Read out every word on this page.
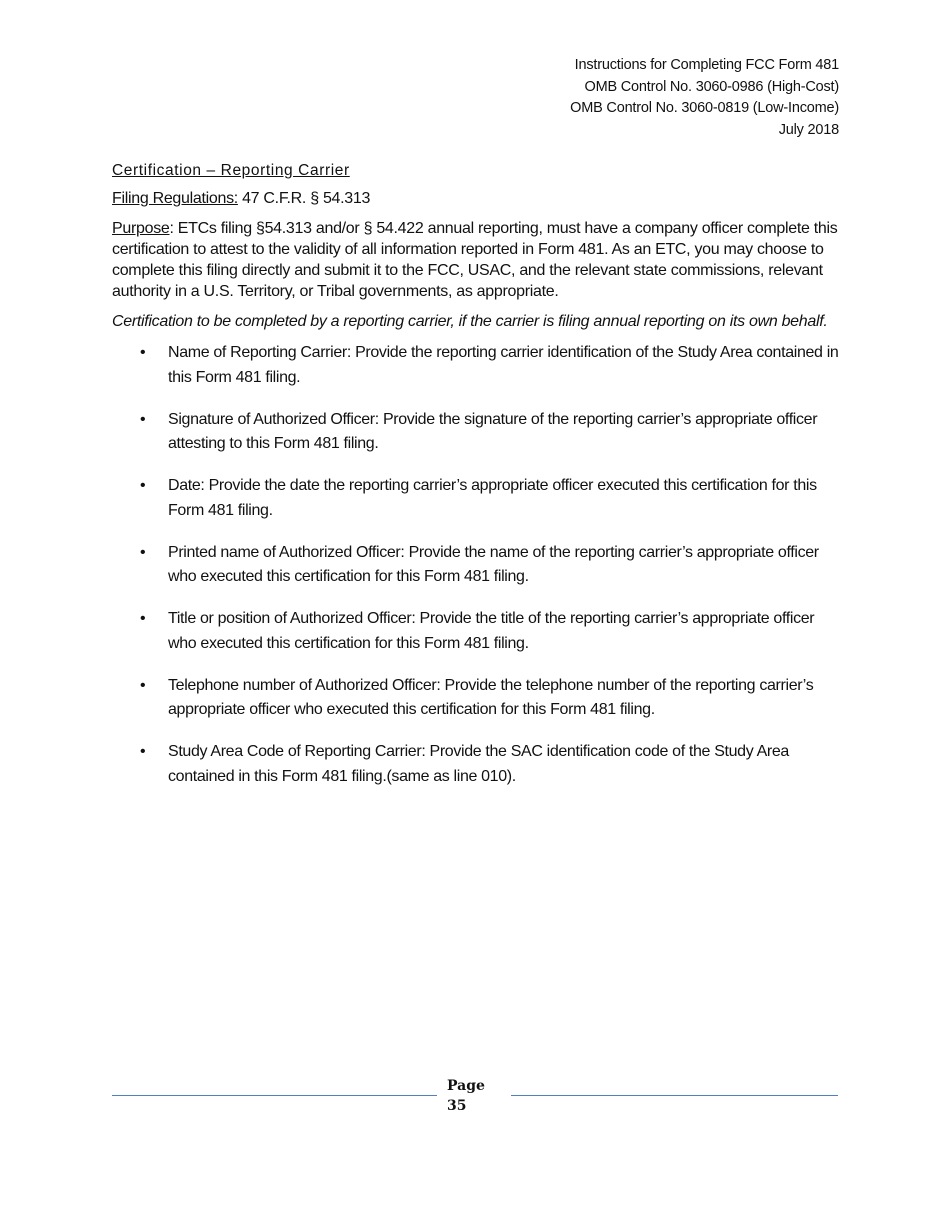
Instructions for Completing FCC Form 481
OMB Control No. 3060-0986 (High-Cost)
OMB Control No. 3060-0819 (Low-Income)
July 2018
Certification – Reporting Carrier

Filing Regulations: 47 C.F.R. § 54.313

Purpose: ETCs filing §54.313 and/or § 54.422 annual reporting, must have a company officer complete this certification to attest to the validity of all information reported in Form 481. As an ETC, you may choose to complete this filing directly and submit it to the FCC, USAC, and the relevant state commissions, relevant authority in a U.S. Territory, or Tribal governments, as appropriate.

Certification to be completed by a reporting carrier, if the carrier is filing annual reporting on its own behalf.

• Name of Reporting Carrier: Provide the reporting carrier identification of the Study Area contained in this Form 481 filing.
• Signature of Authorized Officer: Provide the signature of the reporting carrier’s appropriate officer attesting to this Form 481 filing.
• Date: Provide the date the reporting carrier’s appropriate officer executed this certification for this Form 481 filing.
• Printed name of Authorized Officer: Provide the name of the reporting carrier’s appropriate officer who executed this certification for this Form 481 filing.
• Title or position of Authorized Officer: Provide the title of the reporting carrier’s appropriate officer who executed this certification for this Form 481 filing.
• Telephone number of Authorized Officer: Provide the telephone number of the reporting carrier’s appropriate officer who executed this certification for this Form 481 filing.
• Study Area Code of Reporting Carrier: Provide the SAC identification code of the Study Area contained in this Form 481 filing.(same as line 010).
Page
35
